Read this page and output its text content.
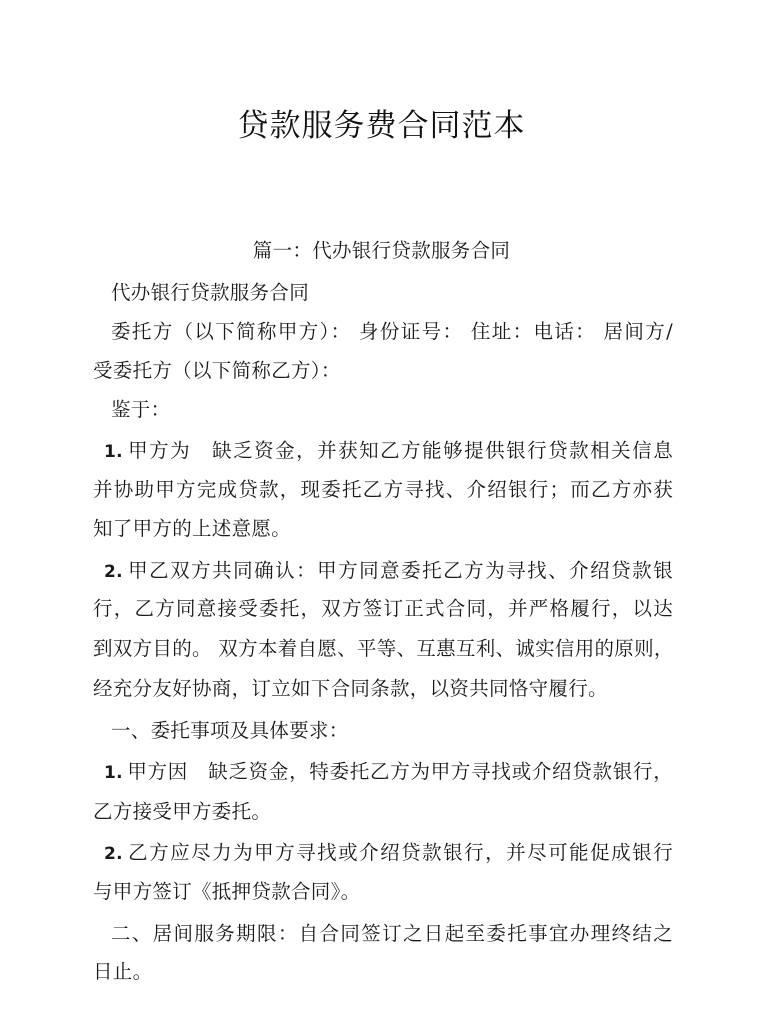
贷款服务费合同范本
篇一：代办银行贷款服务合同
代办银行贷款服务合同
委托方（以下简称甲方）： 身份证号： 住址：电话： 居间方/
受委托方（以下简称乙方）：
鉴于：
1. 甲方为　缺乏资金，并获知乙方能够提供银行贷款相关信息
并协助甲方完成贷款，现委托乙方寻找、介绍银行；而乙方亦获
知了甲方的上述意愿。
2. 甲乙双方共同确认：甲方同意委托乙方为寻找、介绍贷款银
行，乙方同意接受委托，双方签订正式合同，并严格履行，以达
到双方目的。 双方本着自愿、平等、互惠互利、诚实信用的原则，
经充分友好协商，订立如下合同条款，以资共同恪守履行。
一、委托事项及具体要求：
1. 甲方因　缺乏资金，特委托乙方为甲方寻找或介绍贷款银行，
乙方接受甲方委托。
2. 乙方应尽力为甲方寻找或介绍贷款银行，并尽可能促成银行
与甲方签订《抵押贷款合同》。
二、居间服务期限：自合同签订之日起至委托事宜办理终结之
日止。
